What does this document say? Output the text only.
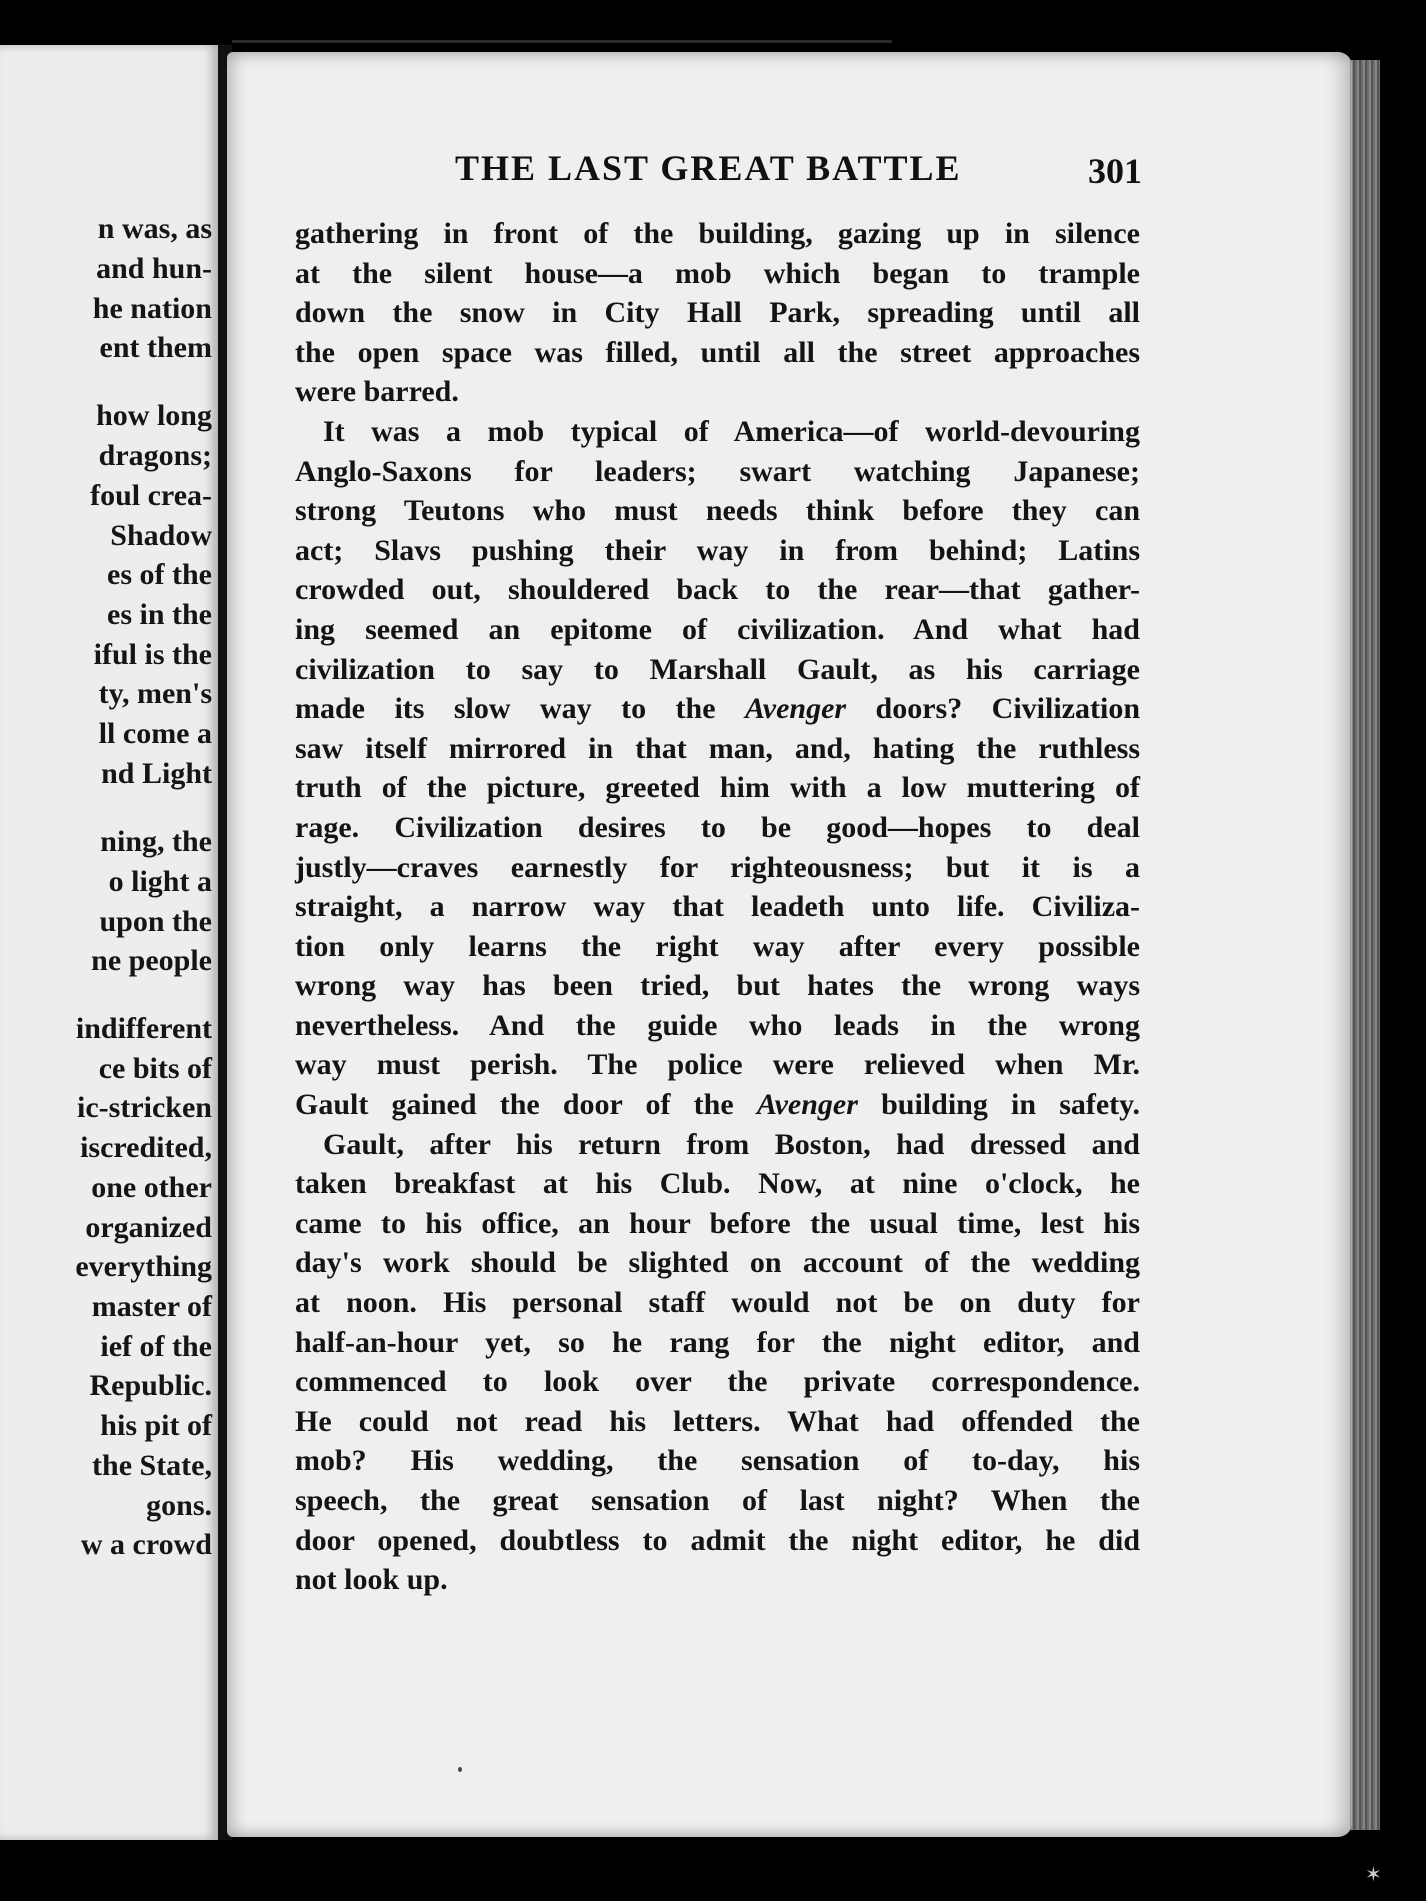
n was, as
and hun-
he nation
ent them
how long
dragons;
foul crea-
Shadow
es of the
es in the
iful is the
ty, men's
ll come a
nd Light
ning, the
o light a
upon the
ne people
indifferent
ce bits of
ic-stricken
iscredited,
one other
organized
everything
master of
ief of the
Republic.
his pit of
the State,
gons.
w a crowd
THE LAST GREAT BATTLE	301
gathering in front of the building, gazing up in silence
at the silent house—a mob which began to trample
down the snow in City Hall Park, spreading until all
the open space was filled, until all the street approaches
were barred.
It was a mob typical of America—of world-devouring
Anglo-Saxons for leaders; swart watching Japanese;
strong Teutons who must needs think before they can
act; Slavs pushing their way in from behind; Latins
crowded out, shouldered back to the rear—that gather-
ing seemed an epitome of civilization. And what had
civilization to say to Marshall Gault, as his carriage
made its slow way to the Avenger doors? Civilization
saw itself mirrored in that man, and, hating the ruthless
truth of the picture, greeted him with a low muttering of
rage. Civilization desires to be good—hopes to deal
justly—craves earnestly for righteousness; but it is a
straight, a narrow way that leadeth unto life. Civiliza-
tion only learns the right way after every possible
wrong way has been tried, but hates the wrong ways
nevertheless. And the guide who leads in the wrong
way must perish. The police were relieved when Mr.
Gault gained the door of the Avenger building in safety.
Gault, after his return from Boston, had dressed and
taken breakfast at his Club. Now, at nine o'clock, he
came to his office, an hour before the usual time, lest his
day's work should be slighted on account of the wedding
at noon. His personal staff would not be on duty for
half-an-hour yet, so he rang for the night editor, and
commenced to look over the private correspondence.
He could not read his letters. What had offended the
mob? His wedding, the sensation of to-day, his
speech, the great sensation of last night? When the
door opened, doubtless to admit the night editor, he did
not look up.
✶
